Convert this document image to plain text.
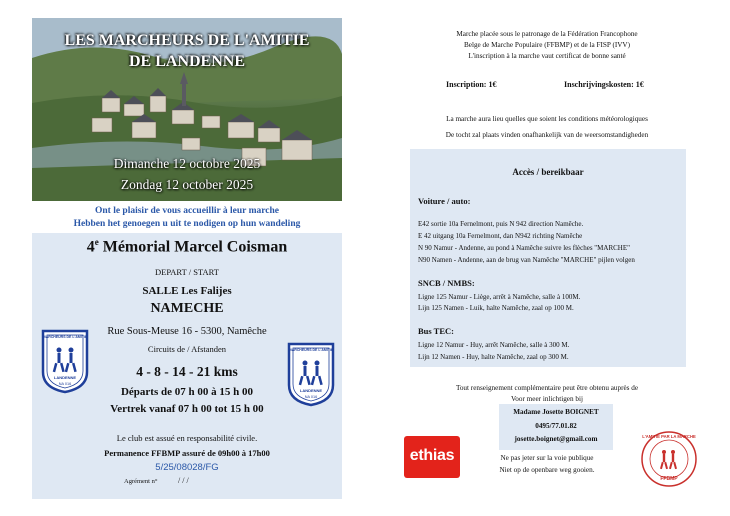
LES MARCHEURS DE L'AMITIE
DE LANDENNE
Dimanche 12 octobre 2025
Zondag 12 october 2025
Ont le plaisir de vous accueillir à leur marche
Hebben het genoegen u uit te nodigen op hun wandeling
4e Mémorial Marcel Coisman
DEPART / START
SALLE Les Falijes
NAMECHE
Rue Sous-Meuse 16 - 5300, Namêche
Circuits de / Afstanden
4 - 8 - 14 - 21 kms
Départs de 07 h 00 à 15 h 00
Vertrek vanaf 07 h 00 tot 15 h 00
Le club est assué en responsabilité civile.
Permanence FFBMP assuré de 09h00 à 17h00
5/25/08028/FG
Agrément n°	/ / /
MARCHEURS DE L'AMITIE
LANDENNE
NA 016
MARCHEURS DE L'AMITIE
LANDENNE
NA 016
Marche placée sous le patronage de la Fédération Francophone
Belge de Marche Populaire (FFBMP) et de la FISP (IVV)
L'inscription à la marche vaut certificat de bonne santé
Inscription: 1€	Inschrijvingskosten: 1€
La marche aura lieu quelles que soient les conditions météorologiques
De tocht zal plaats vinden onafhankelijk van de weersomstandigheden
Accès / bereikbaar
Voiture / auto:
E42 sortie 10a Fernelmont, puis N 942 direction Namêche.
E 42 uitgang 10a Fernelmont, dan N942 richting Namêche
N 90 Namur - Andenne, au pond à Namêche suivre les flèches "MARCHE"
N90 Namen - Andenne, aan de brug van Namêche "MARCHE" pijlen volgen
SNCB / NMBS:
Ligne 125 Namur - Liège, arrêt à Namêche, salle à 100M.
Lijn 125 Namen - Luik, halte Namêche, zaal op 100 M.
Bus TEC:
Ligne 12 Namur - Huy, arrêt Namêche, salle à 300 M.
Lijn 12 Namen - Huy, halte Namêche, zaal op 300 M.
Tout renseignement complémentaire peut être obtenu auprès de
Voor meer inlichtigen bij
Madame Josette BOIGNET
0495/77.01.82
josette.boignet@gmail.com
Ne pas jeter sur la voie publique
Niet op de openbare weg gooien.
ethias
L'AMITIE PAR LA MARCHE
FFBMP
